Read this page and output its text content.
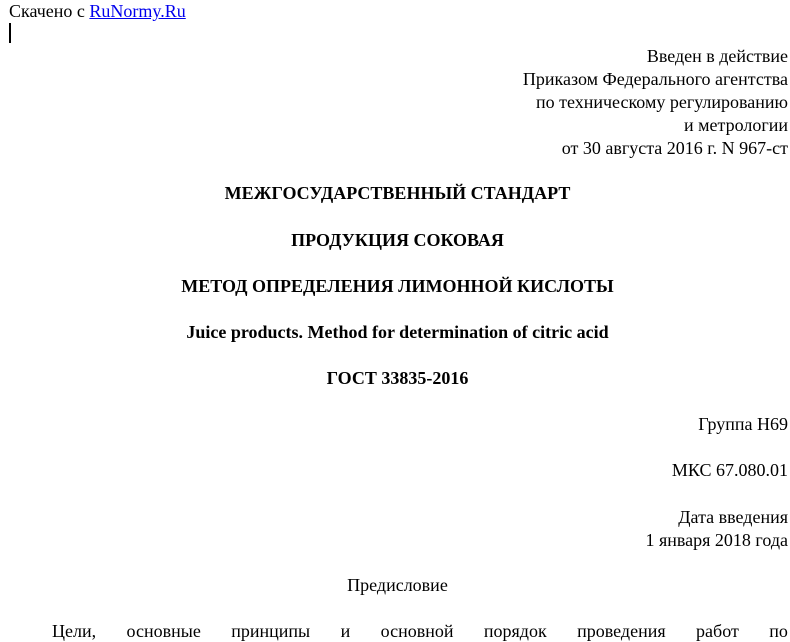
Скачено с RuNormy.Ru
Введен в действие
Приказом Федерального агентства
по техническому регулированию
и метрологии
от 30 августа 2016 г. N 967-ст
МЕЖГОСУДАРСТВЕННЫЙ СТАНДАРТ
ПРОДУКЦИЯ СОКОВАЯ
МЕТОД ОПРЕДЕЛЕНИЯ ЛИМОННОЙ КИСЛОТЫ
Juice products. Method for determination of citric acid
ГОСТ 33835-2016
Группа Н69
МКС 67.080.01
Дата введения
1 января 2018 года
Предисловие
Цели, основные принципы и основной порядок проведения работ по
